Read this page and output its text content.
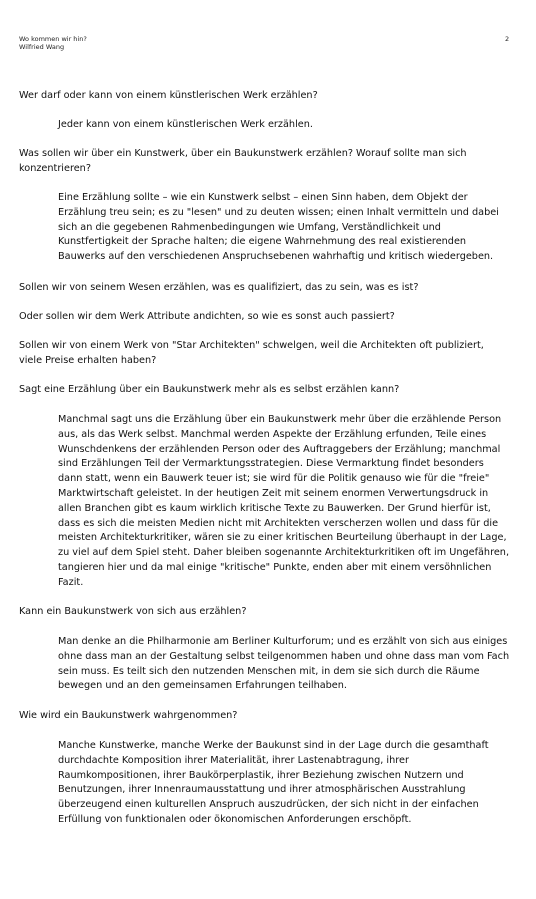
Wo kommen wir hin?
Wilfried Wang
2
Wer darf oder kann von einem künstlerischen Werk erzählen?
Jeder kann von einem künstlerischen Werk erzählen.
Was sollen wir über ein Kunstwerk, über ein Baukunstwerk erzählen? Worauf sollte man sich
konzentrieren?
Eine Erzählung sollte – wie ein Kunstwerk selbst – einen Sinn haben, dem Objekt der
Erzählung treu sein; es zu "lesen" und zu deuten wissen; einen Inhalt vermitteln und dabei
sich an die gegebenen Rahmenbedingungen wie Umfang, Verständlichkeit und
Kunstfertigkeit der Sprache halten; die eigene Wahrnehmung des real existierenden
Bauwerks auf den verschiedenen Anspruchsebenen wahrhaftig und kritisch wiedergeben.
Sollen wir von seinem Wesen erzählen, was es qualifiziert, das zu sein, was es ist?
Oder sollen wir dem Werk Attribute andichten, so wie es sonst auch passiert?
Sollen wir von einem Werk von "Star Architekten" schwelgen, weil die Architekten oft publiziert,
viele Preise erhalten haben?
Sagt eine Erzählung über ein Baukunstwerk mehr als es selbst erzählen kann?
Manchmal sagt uns die Erzählung über ein Baukunstwerk mehr über die erzählende Person
aus, als das Werk selbst. Manchmal werden Aspekte der Erzählung erfunden, Teile eines
Wunschdenkens der erzählenden Person oder des Auftraggebers der Erzählung; manchmal
sind Erzählungen Teil der Vermarktungsstrategien. Diese Vermarktung findet besonders
dann statt, wenn ein Bauwerk teuer ist; sie wird für die Politik genauso wie für die "freie"
Marktwirtschaft geleistet. In der heutigen Zeit mit seinem enormen Verwertungsdruck in
allen Branchen gibt es kaum wirklich kritische Texte zu Bauwerken. Der Grund hierfür ist,
dass es sich die meisten Medien nicht mit Architekten verscherzen wollen und dass für die
meisten Architekturkritiker, wären sie zu einer kritischen Beurteilung überhaupt in der Lage,
zu viel auf dem Spiel steht. Daher bleiben sogenannte Architekturkritiken oft im Ungefähren,
tangieren hier und da mal einige "kritische" Punkte, enden aber mit einem versöhnlichen
Fazit.
Kann ein Baukunstwerk von sich aus erzählen?
Man denke an die Philharmonie am Berliner Kulturforum; und es erzählt von sich aus einiges
ohne dass man an der Gestaltung selbst teilgenommen haben und ohne dass man vom Fach
sein muss. Es teilt sich den nutzenden Menschen mit, in dem sie sich durch die Räume
bewegen und an den gemeinsamen Erfahrungen teilhaben.
Wie wird ein Baukunstwerk wahrgenommen?
Manche Kunstwerke, manche Werke der Baukunst sind in der Lage durch die gesamthaft
durchdachte Komposition ihrer Materialität, ihrer Lastenabtragung, ihrer
Raumkompositionen, ihrer Baukörperplastik, ihrer Beziehung zwischen Nutzern und
Benutzungen, ihrer Innenraumausstattung und ihrer atmosphärischen Ausstrahlung
überzeugend einen kulturellen Anspruch auszudrücken, der sich nicht in der einfachen
Erfüllung von funktionalen oder ökonomischen Anforderungen erschöpft.
